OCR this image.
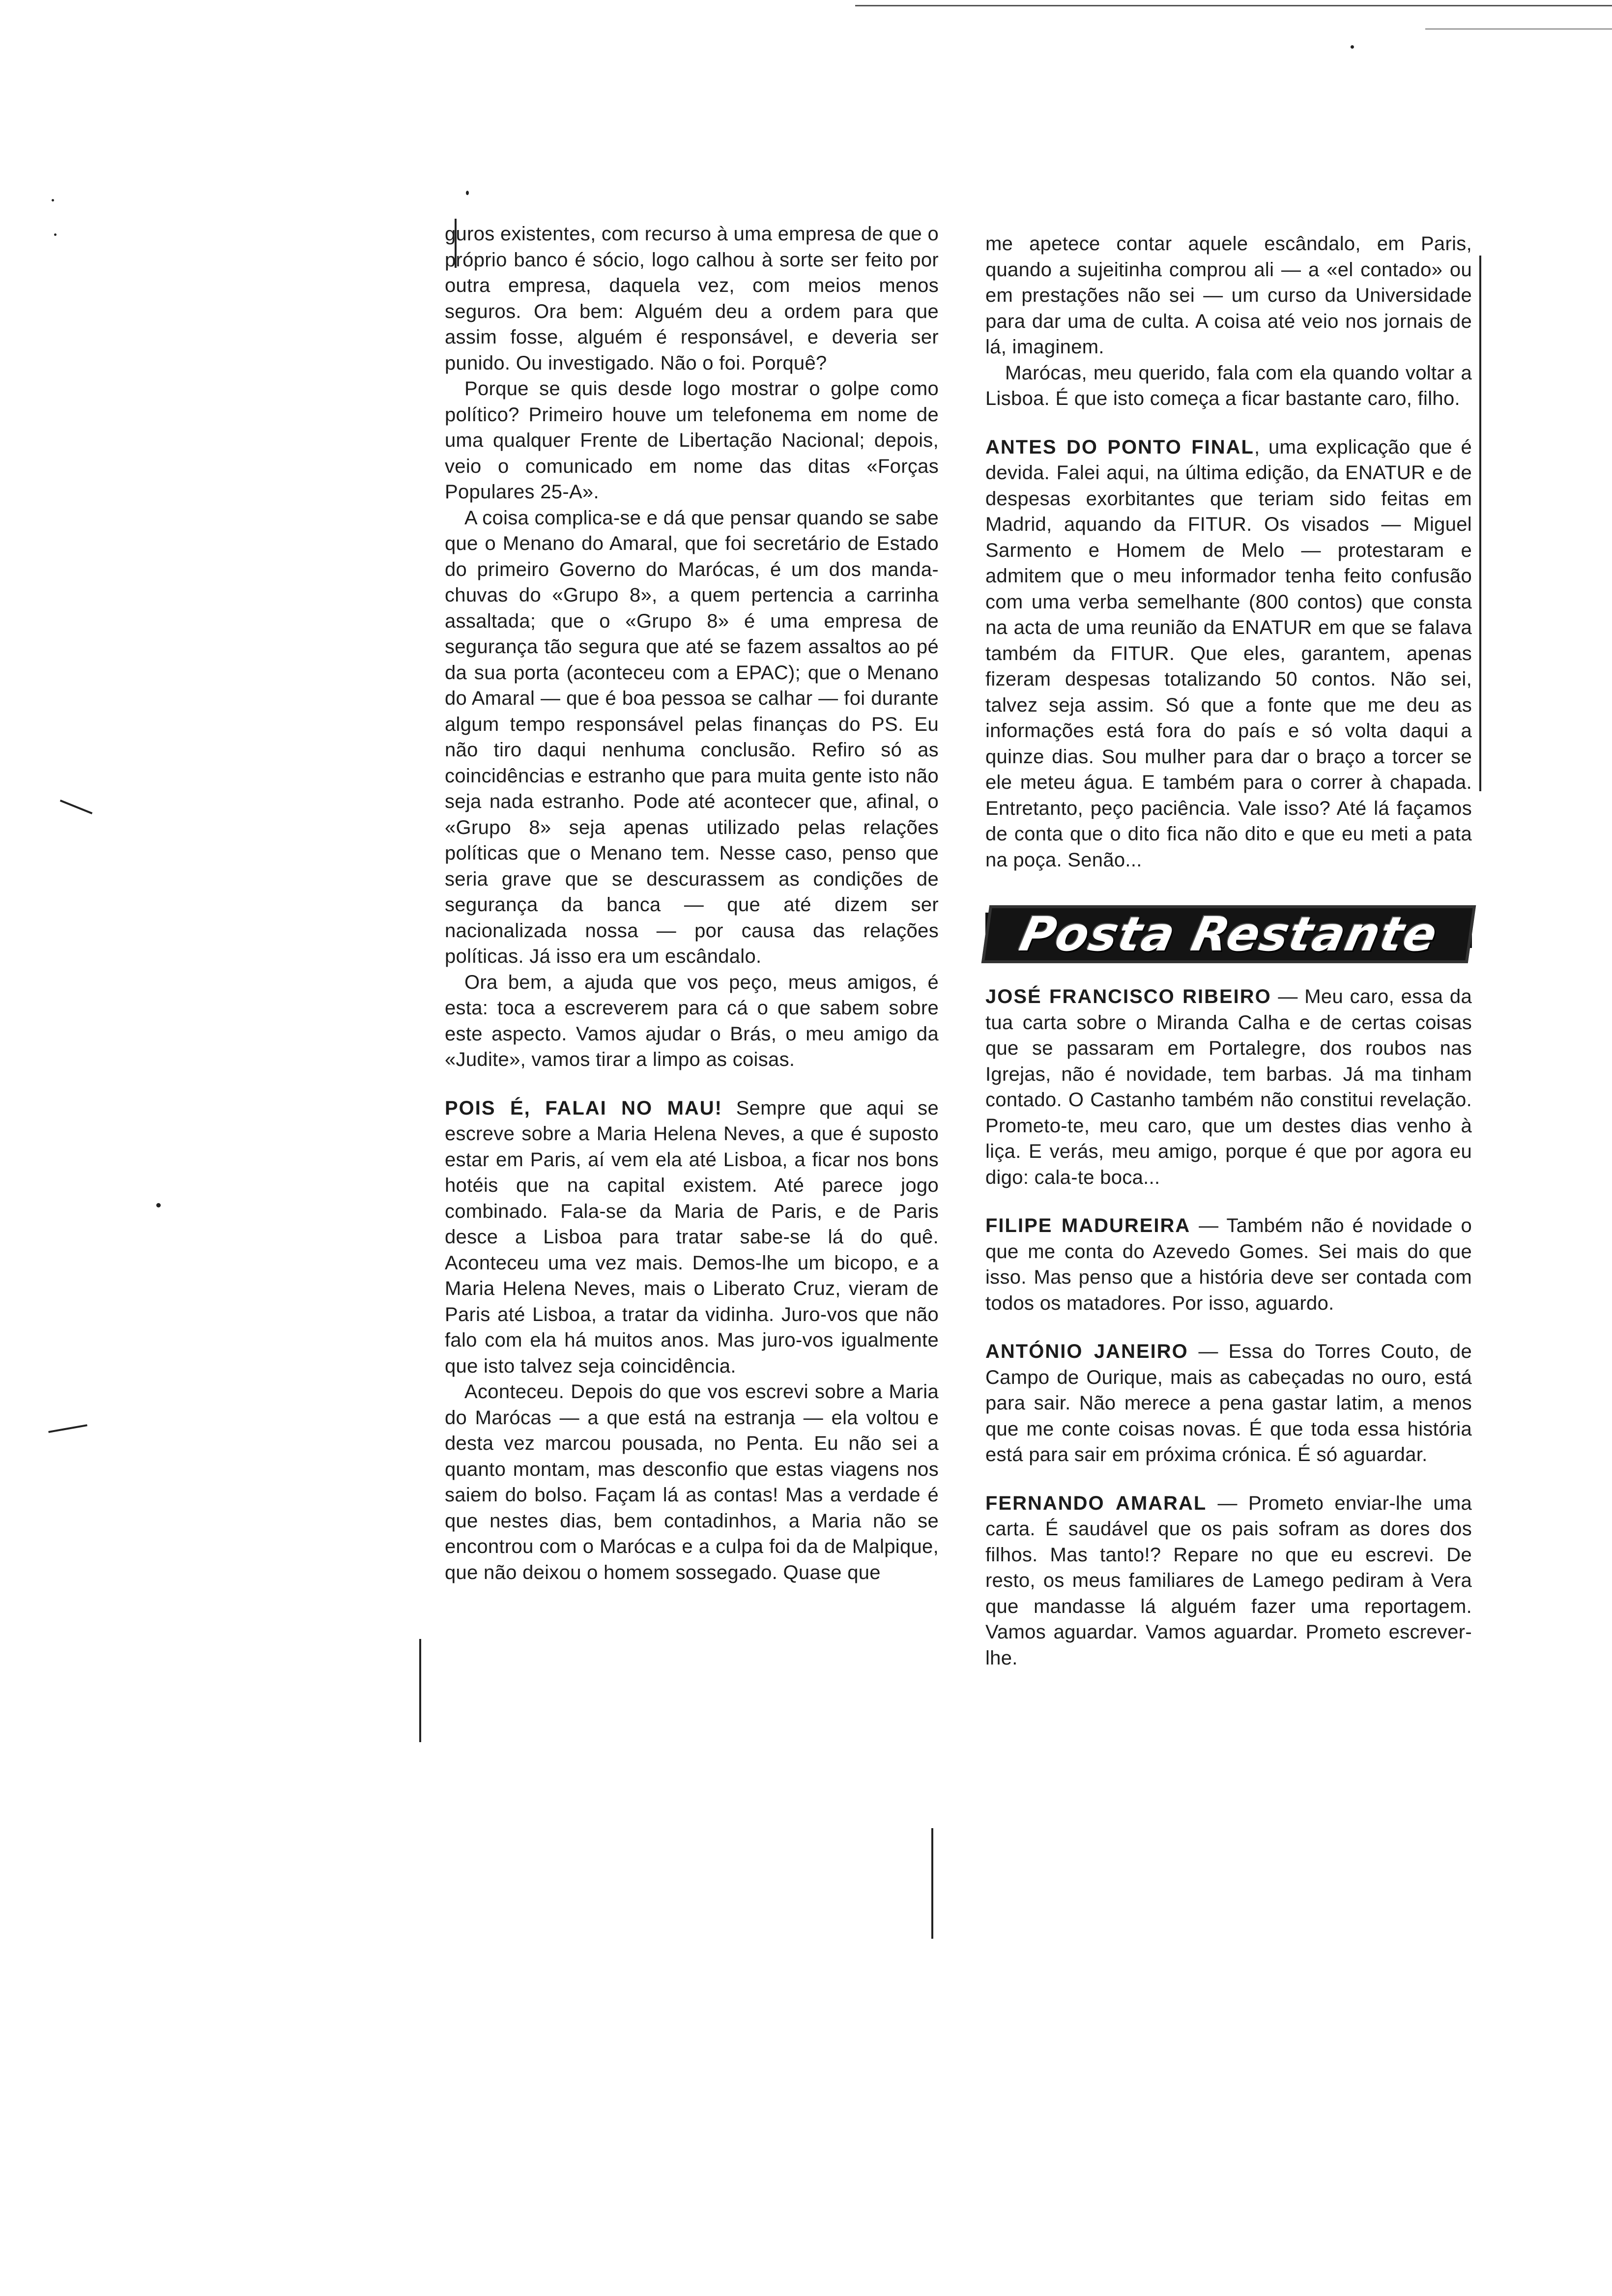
guros existentes, com recurso à uma empresa de que o próprio banco é sócio, logo calhou à sorte ser feito por outra empresa, daquela vez, com meios menos seguros. Ora bem: Alguém deu a ordem para que assim fosse, alguém é responsável, e deveria ser punido. Ou investigado. Não o foi. Porquê?

Porque se quis desde logo mostrar o golpe como político? Primeiro houve um telefonema em nome de uma qualquer Frente de Libertação Nacional; depois, veio o comunicado em nome das ditas «Forças Populares 25-A».

A coisa complica-se e dá que pensar quando se sabe que o Menano do Amaral, que foi secretário de Estado do primeiro Governo do Marócas, é um dos manda-chuvas do «Grupo 8», a quem pertencia a carrinha assaltada; que o «Grupo 8» é uma empresa de segurança tão segura que até se fazem assaltos ao pé da sua porta (aconteceu com a EPAC); que o Menano do Amaral — que é boa pessoa se calhar — foi durante algum tempo responsável pelas finanças do PS. Eu não tiro daqui nenhuma conclusão. Refiro só as coincidências e estranho que para muita gente isto não seja nada estranho. Pode até acontecer que, afinal, o «Grupo 8» seja apenas utilizado pelas relações políticas que o Menano tem. Nesse caso, penso que seria grave que se descurassem as condições de segurança da banca — que até dizem ser nacionalizada nossa — por causa das relações políticas. Já isso era um escândalo.

Ora bem, a ajuda que vos peço, meus amigos, é esta: toca a escreverem para cá o que sabem sobre este aspecto. Vamos ajudar o Brás, o meu amigo da «Judite», vamos tirar a limpo as coisas.

POIS É, FALAI NO MAU! Sempre que aqui se escreve sobre a Maria Helena Neves, a que é suposto estar em Paris, aí vem ela até Lisboa, a ficar nos bons hotéis que na capital existem. Até parece jogo combinado. Fala-se da Maria de Paris, e de Paris desce a Lisboa para tratar sabe-se lá do quê. Aconteceu uma vez mais. Demos-lhe um bicopo, e a Maria Helena Neves, mais o Liberato Cruz, vieram de Paris até Lisboa, a tratar da vidinha. Juro-vos que não falo com ela há muitos anos. Mas juro-vos igualmente que isto talvez seja coincidência.

Aconteceu. Depois do que vos escrevi sobre a Maria do Marócas — a que está na estranja — ela voltou e desta vez marcou pousada, no Penta. Eu não sei a quanto montam, mas desconfio que estas viagens nos saiem do bolso. Façam lá as contas! Mas a verdade é que nestes dias, bem contadinhos, a Maria não se encontrou com o Marócas e a culpa foi da de Malpique, que não deixou o homem sossegado. Quase que

me apetece contar aquele escândalo, em Paris, quando a sujeitinha comprou ali — a «el contado» ou em prestações não sei — um curso da Universidade para dar uma de culta. A coisa até veio nos jornais de lá, imaginem.

Marócas, meu querido, fala com ela quando voltar a Lisboa. É que isto começa a ficar bastante caro, filho.

ANTES DO PONTO FINAL, uma explicação que é devida. Falei aqui, na última edição, da ENATUR e de despesas exorbitantes que teriam sido feitas em Madrid, aquando da FITUR. Os visados — Miguel Sarmento e Homem de Melo — protestaram e admitem que o meu informador tenha feito confusão com uma verba semelhante (800 contos) que consta na acta de uma reunião da ENATUR em que se falava também da FITUR. Que eles, garantem, apenas fizeram despesas totalizando 50 contos. Não sei, talvez seja assim. Só que a fonte que me deu as informações está fora do país e só volta daqui a quinze dias. Sou mulher para dar o braço a torcer se ele meteu água. E também para o correr à chapada. Entretanto, peço paciência. Vale isso? Até lá façamos de conta que o dito fica não dito e que eu meti a pata na poça. Senão...

Posta Restante

JOSÉ FRANCISCO RIBEIRO — Meu caro, essa da tua carta sobre o Miranda Calha e de certas coisas que se passaram em Portalegre, dos roubos nas Igrejas, não é novidade, tem barbas. Já ma tinham contado. O Castanho também não constitui revelação. Prometo-te, meu caro, que um destes dias venho à liça. E verás, meu amigo, porque é que por agora eu digo: cala-te boca...

FILIPE MADUREIRA — Também não é novidade o que me conta do Azevedo Gomes. Sei mais do que isso. Mas penso que a história deve ser contada com todos os matadores. Por isso, aguardo.

ANTÓNIO JANEIRO — Essa do Torres Couto, de Campo de Ourique, mais as cabeçadas no ouro, está para sair. Não merece a pena gastar latim, a menos que me conte coisas novas. É que toda essa história está para sair em próxima crónica. É só aguardar.

FERNANDO AMARAL — Prometo enviar-lhe uma carta. É saudável que os pais sofram as dores dos filhos. Mas tanto!? Repare no que eu escrevi. De resto, os meus familiares de Lamego pediram à Vera que mandasse lá alguém fazer uma reportagem. Vamos aguardar. Vamos aguardar. Prometo escrever-lhe.
